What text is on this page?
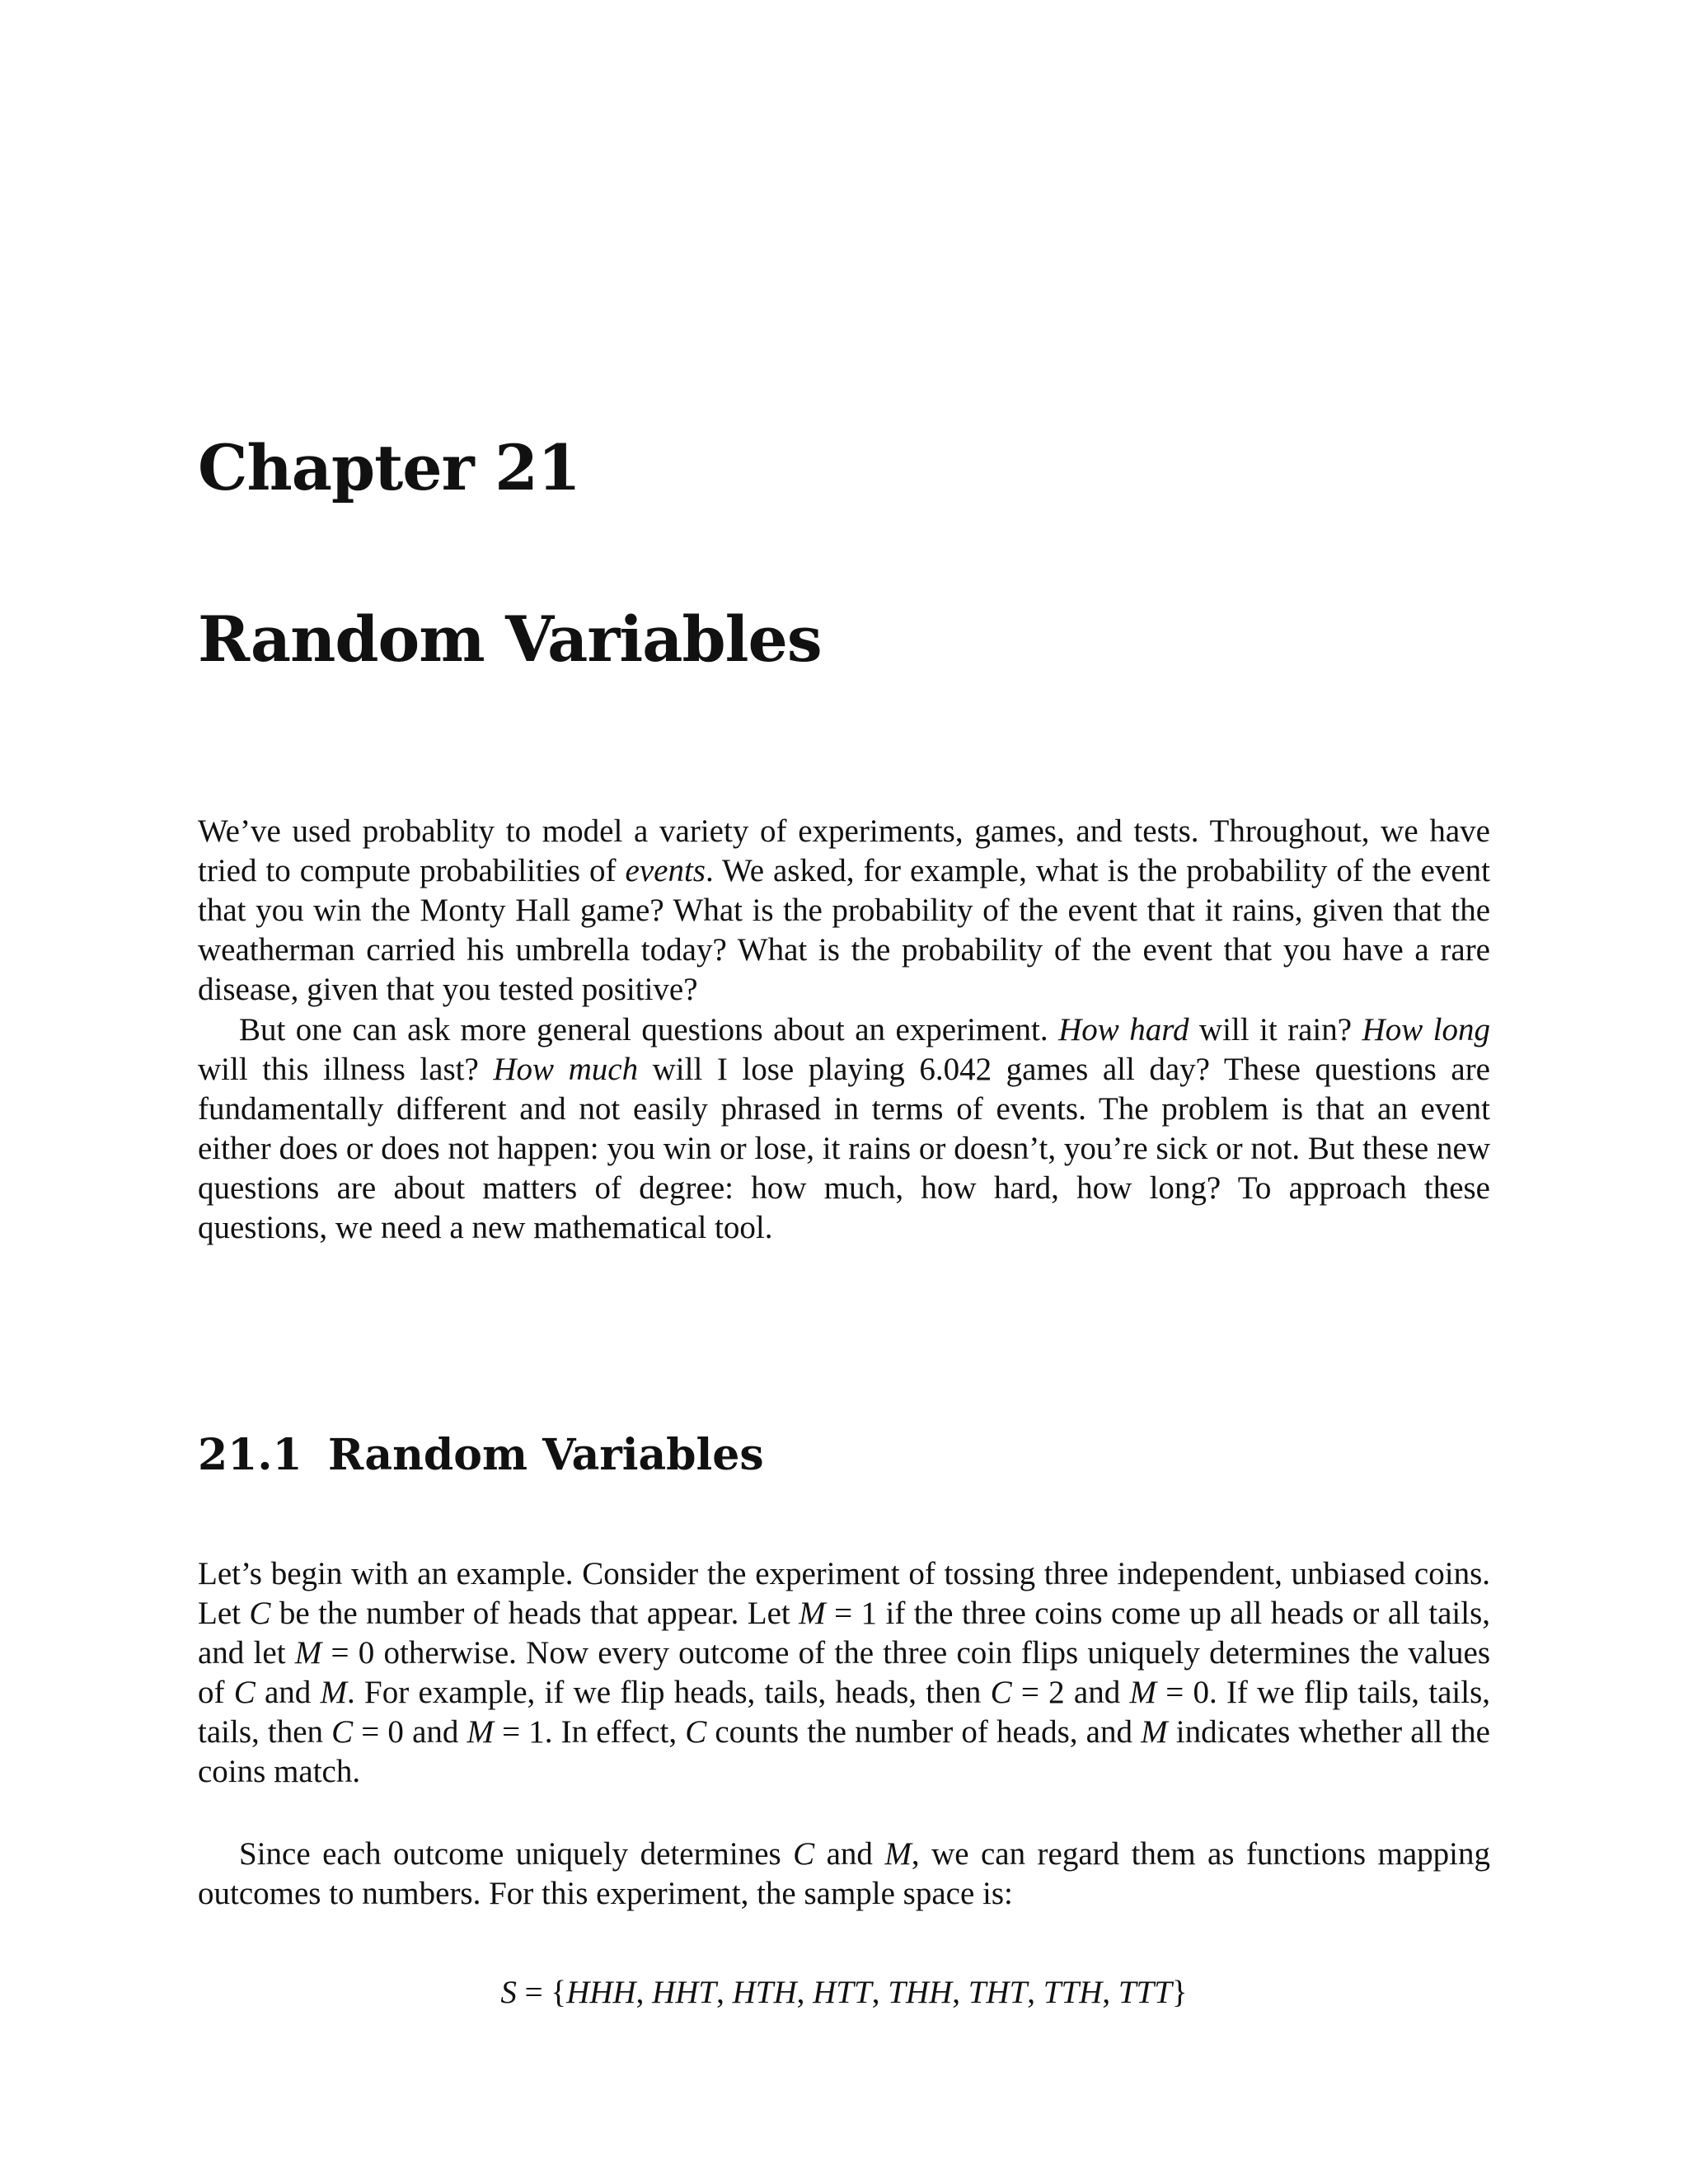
Chapter 21
Random Variables

We’ve used probablity to model a variety of experiments, games, and tests. Throughout, we have tried to compute probabilities of events. We asked, for example, what is the probability of the event that you win the Monty Hall game? What is the probability of the event that it rains, given that the weatherman carried his umbrella today? What is the probability of the event that you have a rare disease, given that you tested positive?

But one can ask more general questions about an experiment. How hard will it rain? How long will this illness last? How much will I lose playing 6.042 games all day? These questions are fundamentally different and not easily phrased in terms of events. The problem is that an event either does or does not happen: you win or lose, it rains or doesn’t, you’re sick or not. But these new questions are about matters of degree: how much, how hard, how long? To approach these questions, we need a new mathematical tool.

21.1 Random Variables

Let’s begin with an example. Consider the experiment of tossing three independent, unbiased coins. Let C be the number of heads that appear. Let M = 1 if the three coins come up all heads or all tails, and let M = 0 otherwise. Now every outcome of the three coin flips uniquely determines the values of C and M. For example, if we flip heads, tails, heads, then C = 2 and M = 0. If we flip tails, tails, tails, then C = 0 and M = 1. In effect, C counts the number of heads, and M indicates whether all the coins match.

Since each outcome uniquely determines C and M, we can regard them as functions mapping outcomes to numbers. For this experiment, the sample space is:

S = {HHH, HHT, HTH, HTT, THH, THT, TTH, TTT}
